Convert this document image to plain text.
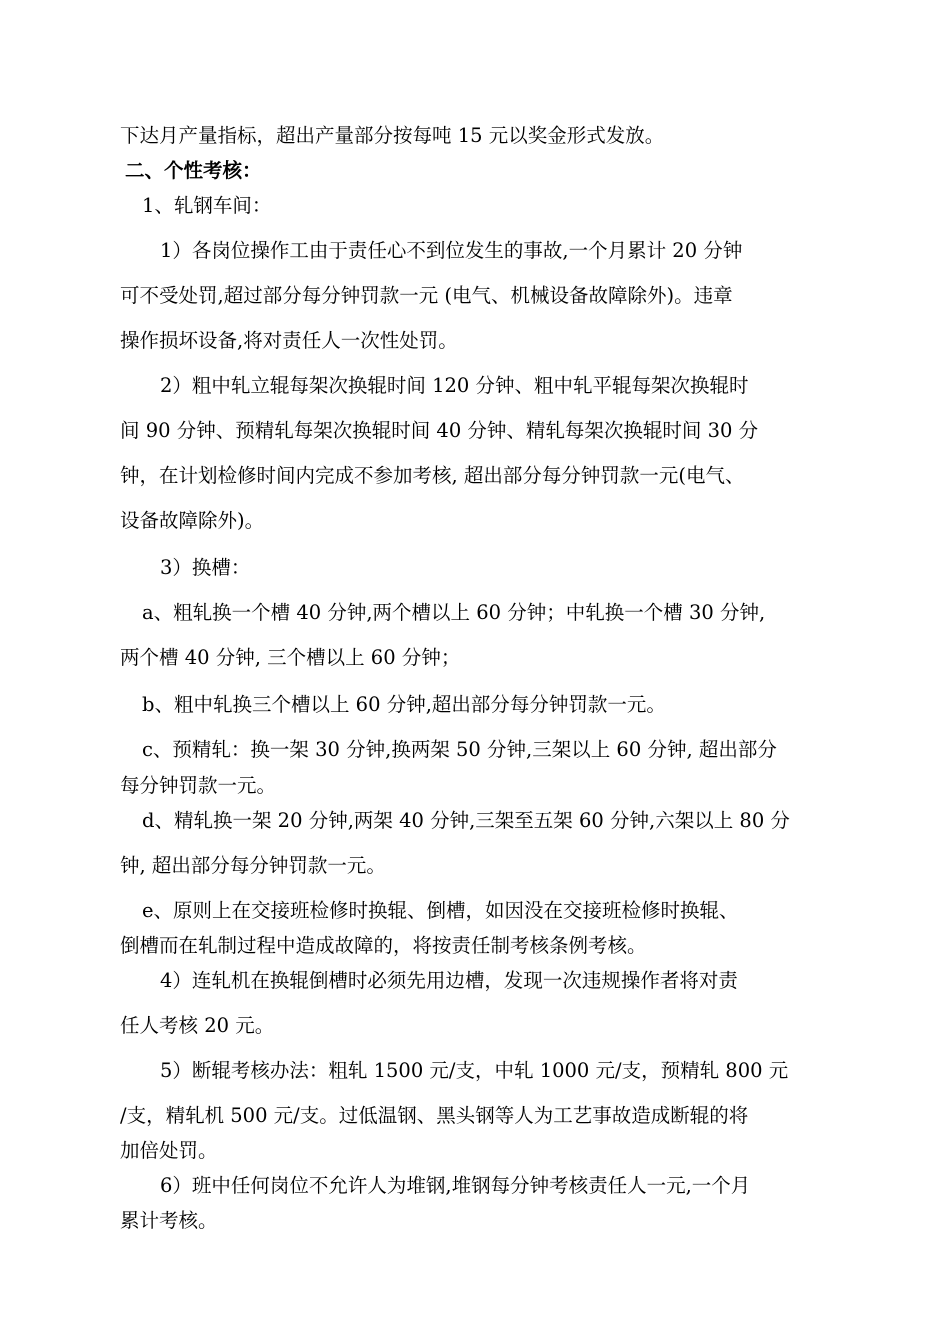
下达月产量指标，超出产量部分按每吨 15 元以奖金形式发放。
二、个性考核：
1、轧钢车间：
1）各岗位操作工由于责任心不到位发生的事故,一个月累计 20 分钟
可不受处罚,超过部分每分钟罚款一元 (电气、机械设备故障除外)。违章
操作损坏设备,将对责任人一次性处罚。
2）粗中轧立辊每架次换辊时间 120 分钟、粗中轧平辊每架次换辊时
间 90 分钟、预精轧每架次换辊时间 40 分钟、精轧每架次换辊时间 30 分
钟，在计划检修时间内完成不参加考核, 超出部分每分钟罚款一元(电气、
设备故障除外)。
3）换槽：
a、粗轧换一个槽 40 分钟,两个槽以上 60 分钟；中轧换一个槽 30 分钟,
两个槽 40 分钟, 三个槽以上 60 分钟；
b、粗中轧换三个槽以上 60 分钟,超出部分每分钟罚款一元。
c、预精轧：换一架 30 分钟,换两架 50 分钟,三架以上 60 分钟, 超出部分
每分钟罚款一元。
d、精轧换一架 20 分钟,两架 40 分钟,三架至五架 60 分钟,六架以上 80 分
钟, 超出部分每分钟罚款一元。
e、原则上在交接班检修时换辊、倒槽，如因没在交接班检修时换辊、
倒槽而在轧制过程中造成故障的，将按责任制考核条例考核。
4）连轧机在换辊倒槽时必须先用边槽，发现一次违规操作者将对责
任人考核 20 元。
5）断辊考核办法：粗轧 1500 元/支，中轧 1000 元/支，预精轧 800 元
/支，精轧机 500 元/支。过低温钢、黑头钢等人为工艺事故造成断辊的将
加倍处罚。
6）班中任何岗位不允许人为堆钢,堆钢每分钟考核责任人一元,一个月
累计考核。
